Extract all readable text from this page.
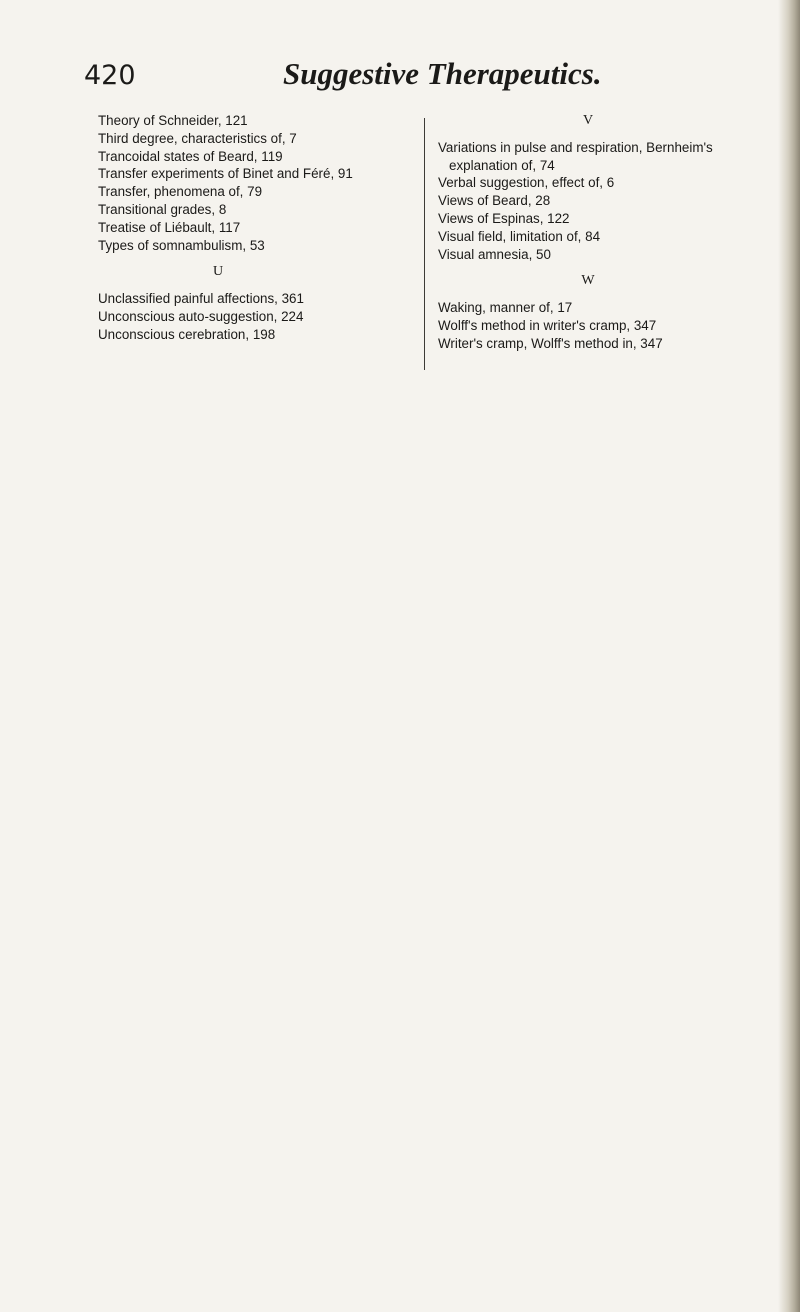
420	Suggestive Therapeutics.
Theory of Schneider, 121
Third degree, characteristics of, 7
Trancoidal states of Beard, 119
Transfer experiments of Binet and Féré, 91
Transfer, phenomena of, 79
Transitional grades, 8
Treatise of Liébault, 117
Types of somnambulism, 53
U
Unclassified painful affections, 361
Unconscious auto-suggestion, 224
Unconscious cerebration, 198
V
Variations in pulse and respiration, Bernheim's
explanation of, 74
Verbal suggestion, effect of, 6
Views of Beard, 28
Views of Espinas, 122
Visual field, limitation of, 84
Visual amnesia, 50
W
Waking, manner of, 17
Wolff's method in writer's cramp, 347
Writer's cramp, Wolff's method in, 347
